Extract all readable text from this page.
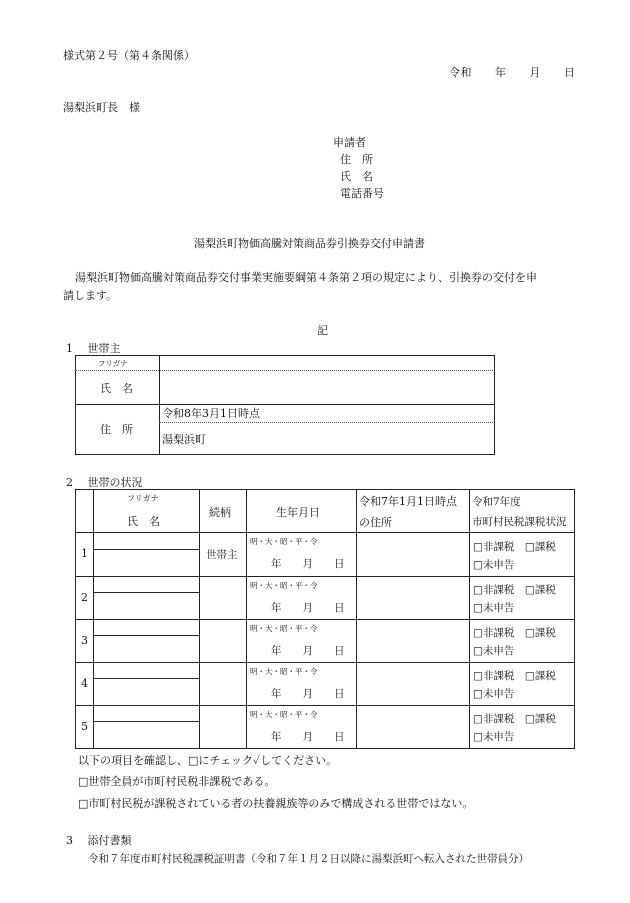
様式第２号（第４条関係）
令和　　年　　月　　日
湯梨浜町長　様
申請者
住　所
氏　名
電話番号
湯梨浜町物価高騰対策商品券引換券交付申請書
湯梨浜町物価高騰対策商品券交付事業実施要綱第４条第２項の規定により、引換券の交付を申
請します。
記
1　 世帯主
フリガナ
氏　名
住　所
令和8年3月1日時点
湯梨浜町
2　 世帯の状況
フリガナ
氏　名
続柄	生年月日
令和7年1月1日時点
の住所
令和7年度
市町村民税課税状況
1	世帯主
明・大・昭・平・令
年　　月　　日
□非課税　□課税
□未申告
2
明・大・昭・平・令
年　　月　　日
□非課税　□課税
□未申告
3
明・大・昭・平・令
年　　月　　日
□非課税　□課税
□未申告
4
明・大・昭・平・令
年　　月　　日
□非課税　□課税
□未申告
5
明・大・昭・平・令
年　　月　　日
□非課税　□課税
□未申告
以下の項目を確認し、□にチェック✓してください。
□世帯全員が市町村民税非課税である。
□市町村民税が課税されている者の扶養親族等のみで構成される世帯ではない。
3　 添付書類
令和７年度市町村民税課税証明書（令和７年１月２日以降に湯梨浜町へ転入された世帯員分）
